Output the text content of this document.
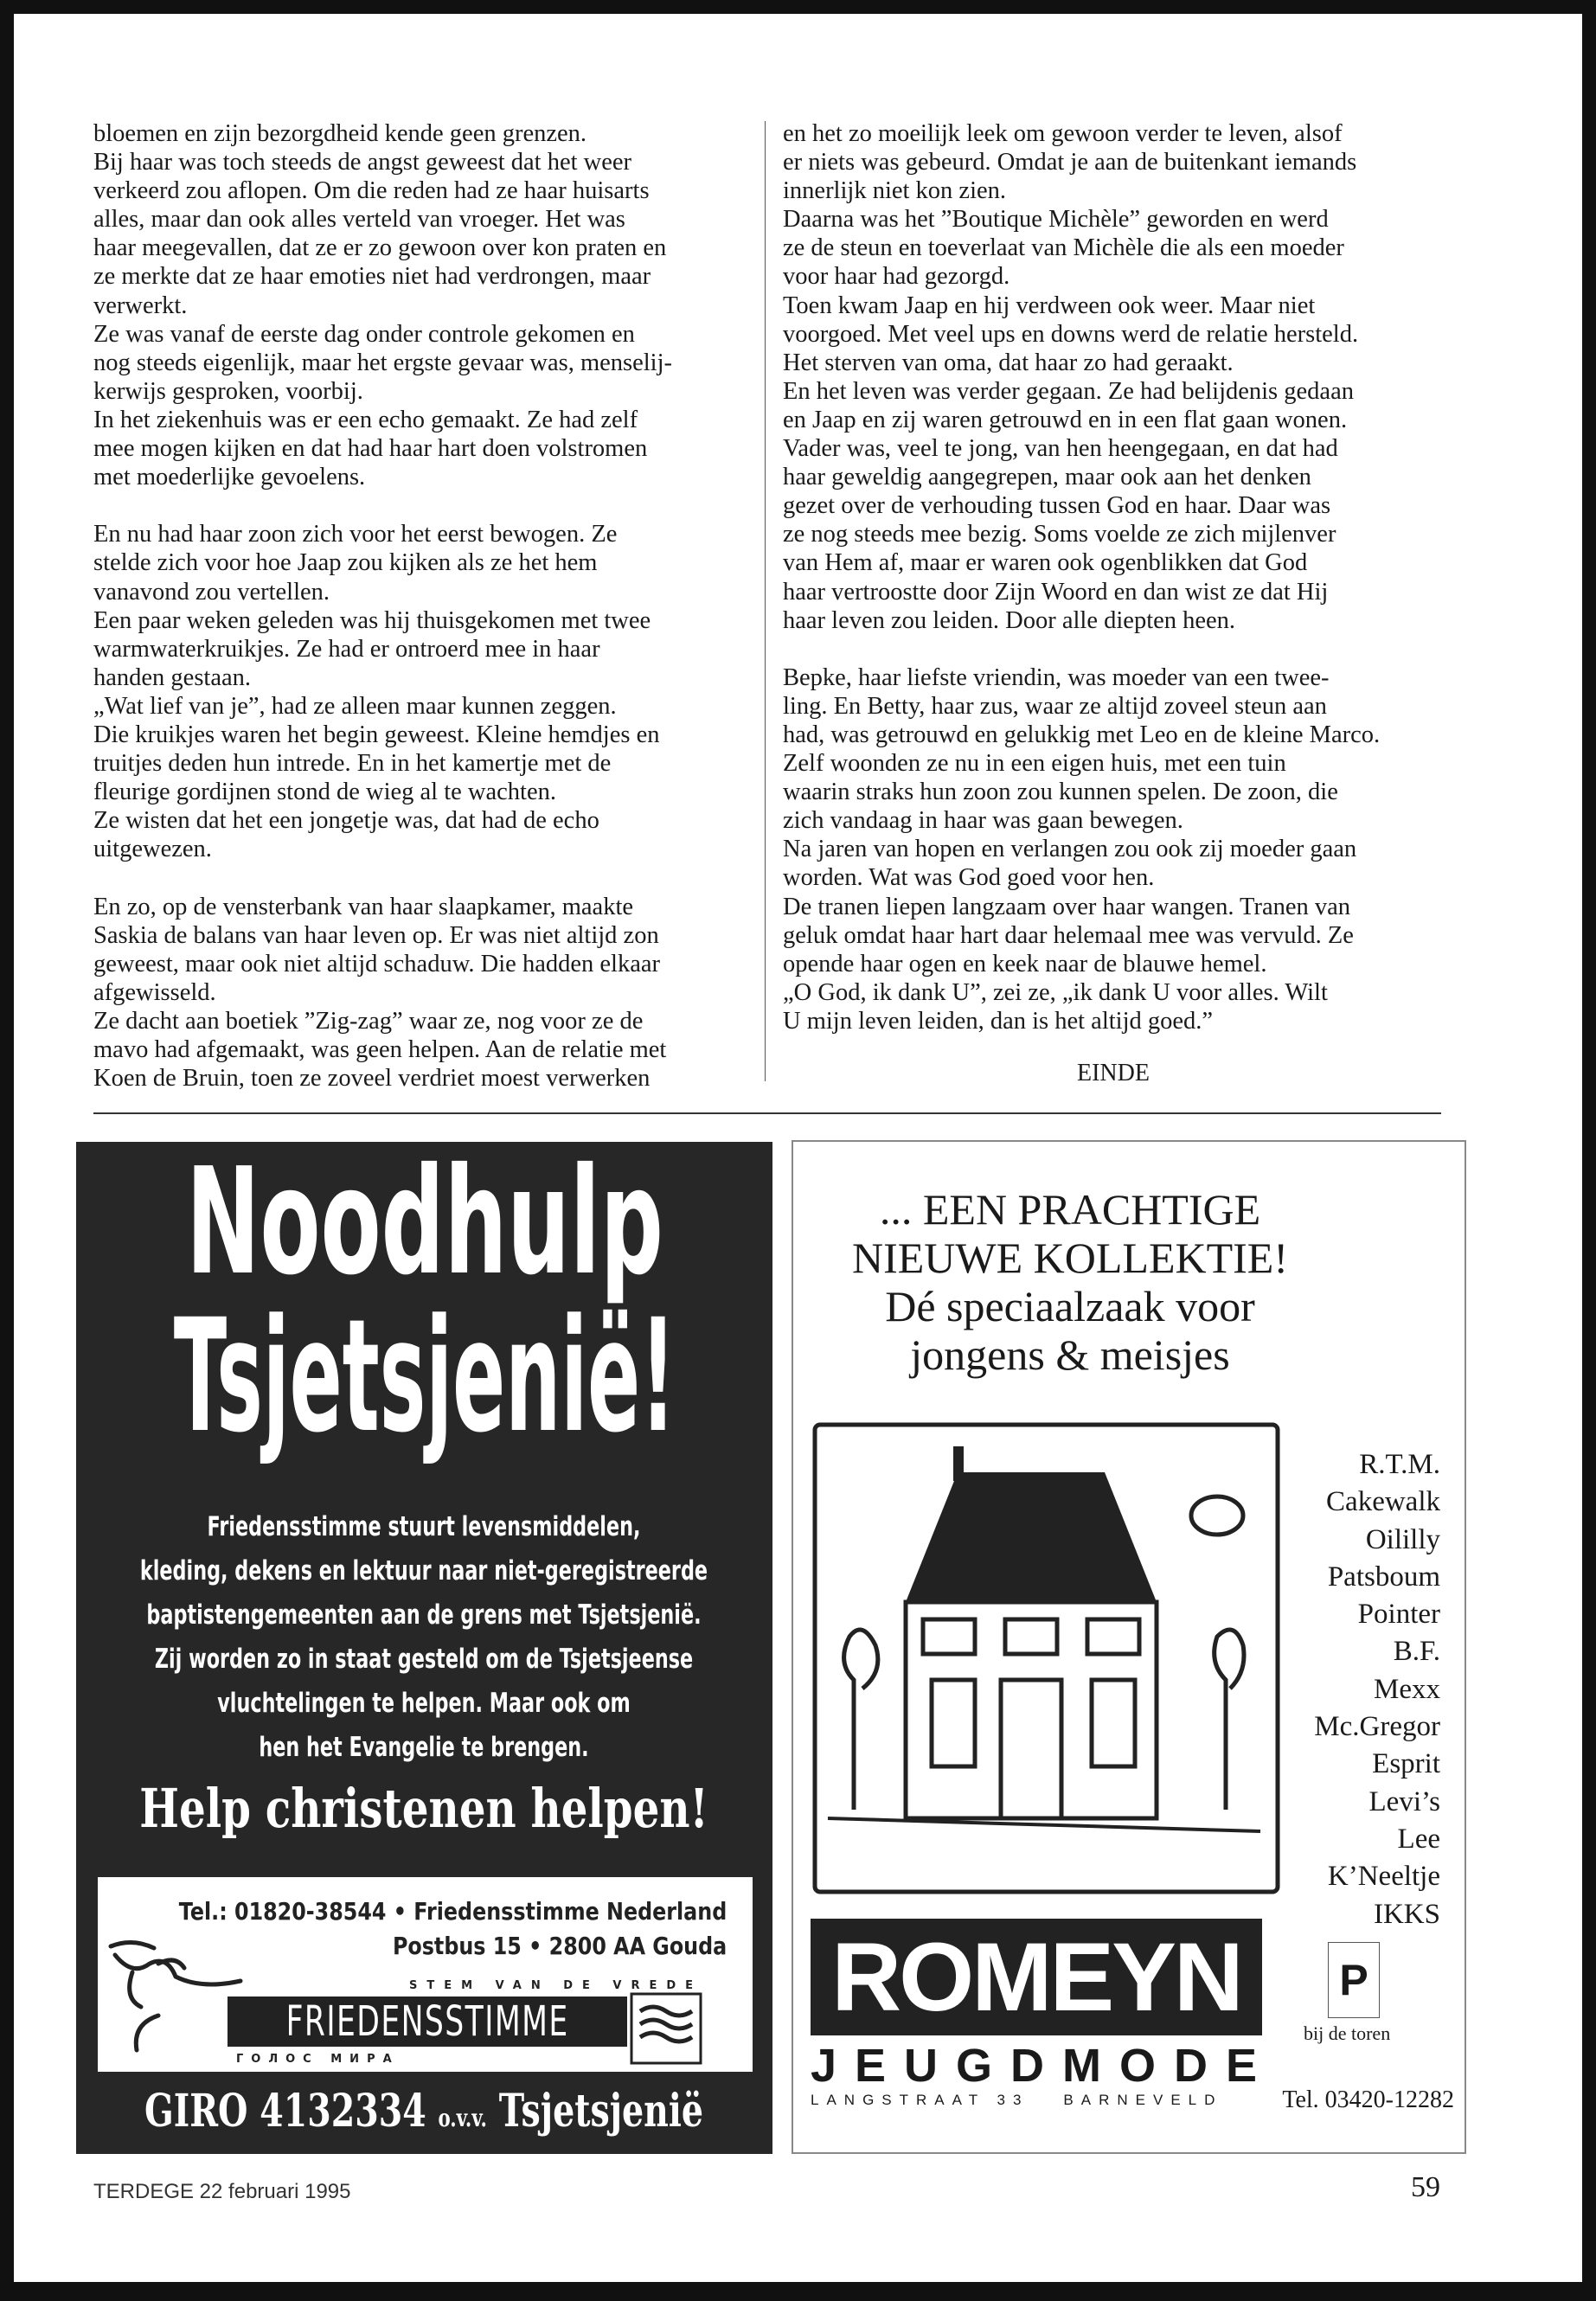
bloemen en zijn bezorgdheid kende geen grenzen.
Bij haar was toch steeds de angst geweest dat het weer
verkeerd zou aflopen. Om die reden had ze haar huisarts
alles, maar dan ook alles verteld van vroeger. Het was
haar meegevallen, dat ze er zo gewoon over kon praten en
ze merkte dat ze haar emoties niet had verdrongen, maar
verwerkt.
Ze was vanaf de eerste dag onder controle gekomen en
nog steeds eigenlijk, maar het ergste gevaar was, menselij-
kerwijs gesproken, voorbij.
In het ziekenhuis was er een echo gemaakt. Ze had zelf
mee mogen kijken en dat had haar hart doen volstromen
met moederlijke gevoelens.
En nu had haar zoon zich voor het eerst bewogen. Ze
stelde zich voor hoe Jaap zou kijken als ze het hem
vanavond zou vertellen.
Een paar weken geleden was hij thuisgekomen met twee
warmwaterkruikjes. Ze had er ontroerd mee in haar
handen gestaan.
„Wat lief van je”, had ze alleen maar kunnen zeggen.
Die kruikjes waren het begin geweest. Kleine hemdjes en
truitjes deden hun intrede. En in het kamertje met de
fleurige gordijnen stond de wieg al te wachten.
Ze wisten dat het een jongetje was, dat had de echo
uitgewezen.
En zo, op de vensterbank van haar slaapkamer, maakte
Saskia de balans van haar leven op. Er was niet altijd zon
geweest, maar ook niet altijd schaduw. Die hadden elkaar
afgewisseld.
Ze dacht aan boetiek ”Zig-zag” waar ze, nog voor ze de
mavo had afgemaakt, was geen helpen. Aan de relatie met
Koen de Bruin, toen ze zoveel verdriet moest verwerken
en het zo moeilijk leek om gewoon verder te leven, alsof
er niets was gebeurd. Omdat je aan de buitenkant iemands
innerlijk niet kon zien.
Daarna was het ”Boutique Michèle” geworden en werd
ze de steun en toeverlaat van Michèle die als een moeder
voor haar had gezorgd.
Toen kwam Jaap en hij verdween ook weer. Maar niet
voorgoed. Met veel ups en downs werd de relatie hersteld.
Het sterven van oma, dat haar zo had geraakt.
En het leven was verder gegaan. Ze had belijdenis gedaan
en Jaap en zij waren getrouwd en in een flat gaan wonen.
Vader was, veel te jong, van hen heengegaan, en dat had
haar geweldig aangegrepen, maar ook aan het denken
gezet over de verhouding tussen God en haar. Daar was
ze nog steeds mee bezig. Soms voelde ze zich mijlenver
van Hem af, maar er waren ook ogenblikken dat God
haar vertroostte door Zijn Woord en dan wist ze dat Hij
haar leven zou leiden. Door alle diepten heen.
Bepke, haar liefste vriendin, was moeder van een twee-
ling. En Betty, haar zus, waar ze altijd zoveel steun aan
had, was getrouwd en gelukkig met Leo en de kleine Marco.
Zelf woonden ze nu in een eigen huis, met een tuin
waarin straks hun zoon zou kunnen spelen. De zoon, die
zich vandaag in haar was gaan bewegen.
Na jaren van hopen en verlangen zou ook zij moeder gaan
worden. Wat was God goed voor hen.
De tranen liepen langzaam over haar wangen. Tranen van
geluk omdat haar hart daar helemaal mee was vervuld. Ze
opende haar ogen en keek naar de blauwe hemel.
„O God, ik dank U”, zei ze, „ik dank U voor alles. Wilt
U mijn leven leiden, dan is het altijd goed.”
EINDE
Noodhulp
Tsjetsjenië!
Friedensstimme stuurt levensmiddelen,
kleding, dekens en lektuur naar niet-geregistreerde
baptistengemeenten aan de grens met Tsjetsjenië.
Zij worden zo in staat gesteld om de Tsjetsjeense
vluchtelingen te helpen. Maar ook om
hen het Evangelie te brengen.
Help christenen helpen!
Tel.: 01820-38544 • Friedensstimme Nederland
Postbus 15 • 2800 AA Gouda
STEM VAN DE VREDE
FRIEDENSSTIMME
ГОЛОС МИРА
GIRO 4132334 o.v.v. Tsjetsjenië
... EEN PRACHTIGE
NIEUWE KOLLEKTIE!
Dé speciaalzaak voor
jongens & meisjes
R.T.M.
Cakewalk
Oililly
Patsboum
Pointer
B.F.
Mexx
Mc.Gregor
Esprit
Levi’s
Lee
K’Neeltje
IKKS
ROMEYN
JEUGDMODE
LANGSTRAAT 33 BARNEVELD
P
bij de toren
Tel. 03420-12282
TERDEGE 22 februari 1995	59
